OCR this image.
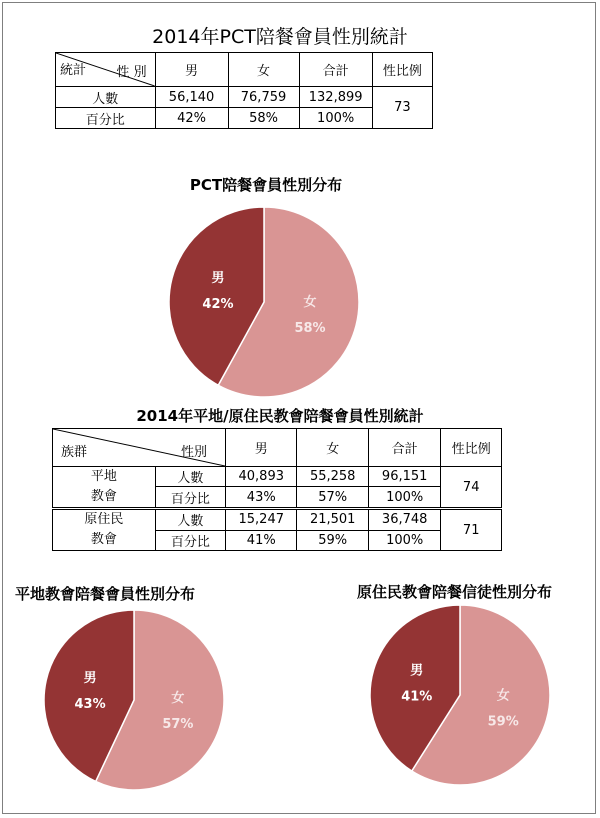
2014年PCT陪餐會員性別統計
統計 性 別	男	女	合計	性比例
人數	56,140	76,759	132,899	73
百分比	42%	58%	100%	
PCT陪餐會員性別分布
女
58%
男
42%
2014年平地/原住民教會陪餐會員性別統計
族群 性別		男	女	合計	性比例

平地
教會	人數	40,893	55,258	96,151	74
	百分比	43%	57%	100%	

原住民
教會	人數	15,247	21,501	36,748	71
	百分比	41%	59%	100%	
平地教會陪餐會員性別分布	原住民教會陪餐信徒性別分布
女
57%
男
43%
女
59%
男
41%
